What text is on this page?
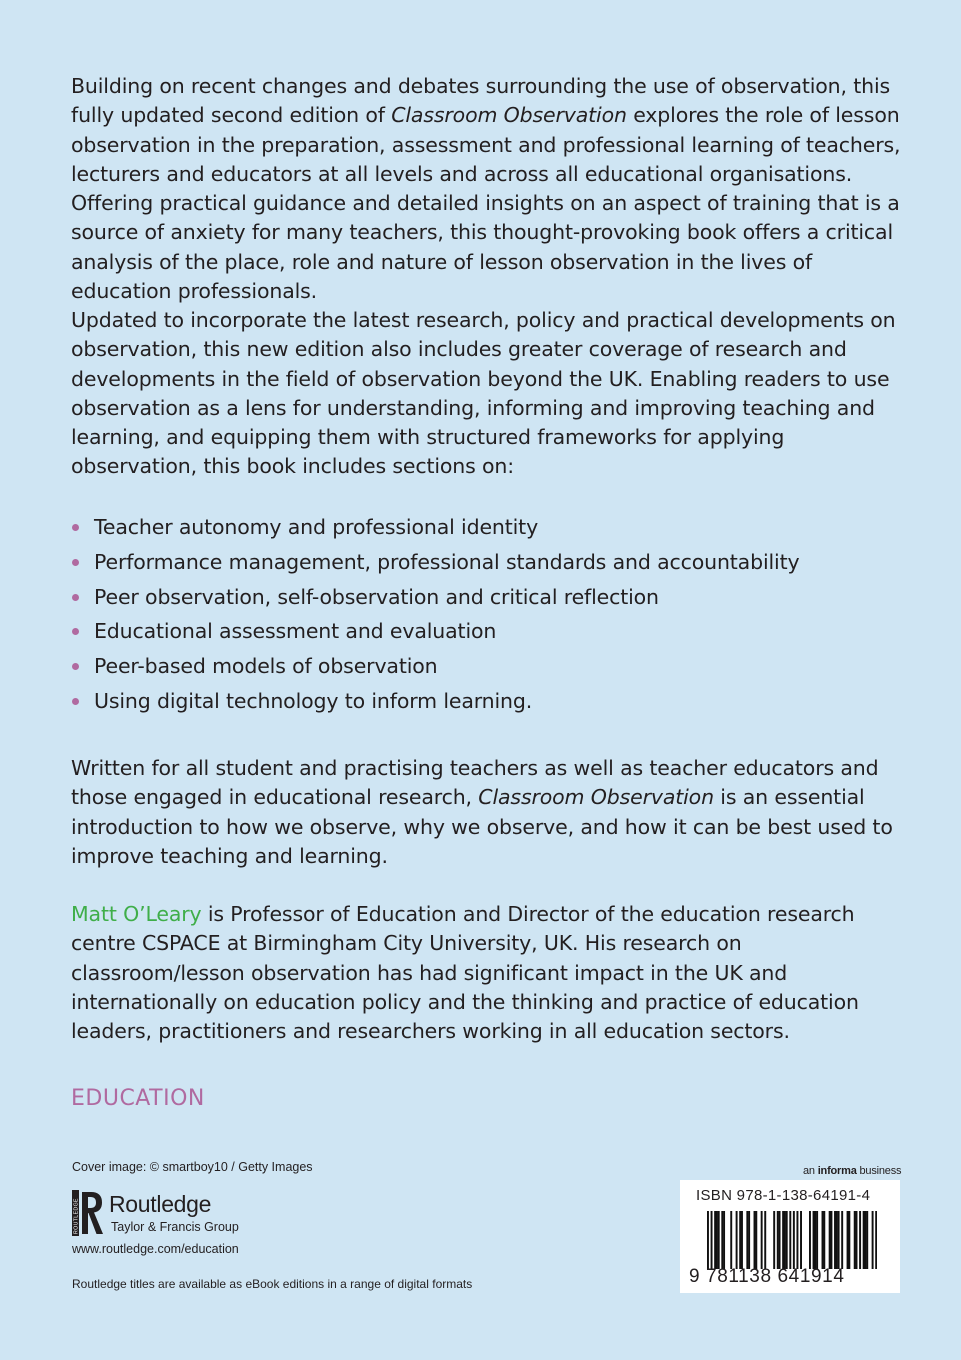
Building on recent changes and debates surrounding the use of observation, this fully updated second edition of Classroom Observation explores the role of lesson observation in the preparation, assessment and professional learning of teachers, lecturers and educators at all levels and across all educational organisations. Offering practical guidance and detailed insights on an aspect of training that is a source of anxiety for many teachers, this thought-provoking book offers a critical analysis of the place, role and nature of lesson observation in the lives of education professionals.

Updated to incorporate the latest research, policy and practical developments on observation, this new edition also includes greater coverage of research and developments in the field of observation beyond the UK. Enabling readers to use observation as a lens for understanding, informing and improving teaching and learning, and equipping them with structured frameworks for applying observation, this book includes sections on:

Teacher autonomy and professional identity
Performance management, professional standards and accountability
Peer observation, self-observation and critical reflection
Educational assessment and evaluation
Peer-based models of observation
Using digital technology to inform learning.

Written for all student and practising teachers as well as teacher educators and those engaged in educational research, Classroom Observation is an essential introduction to how we observe, why we observe, and how it can be best used to improve teaching and learning.

Matt O’Leary is Professor of Education and Director of the education research centre CSPACE at Birmingham City University, UK. His research on classroom/lesson observation has had significant impact in the UK and internationally on education policy and the thinking and practice of education leaders, practitioners and researchers working in all education sectors.

EDUCATION
Cover image: © smartboy10 / Getty Images
ROUTLEDGE Routledge
Taylor & Francis Group
www.routledge.com/education
Routledge titles are available as eBook editions in a range of digital formats
an informa business
ISBN 978-1-138-64191-4
9 781138 641914
